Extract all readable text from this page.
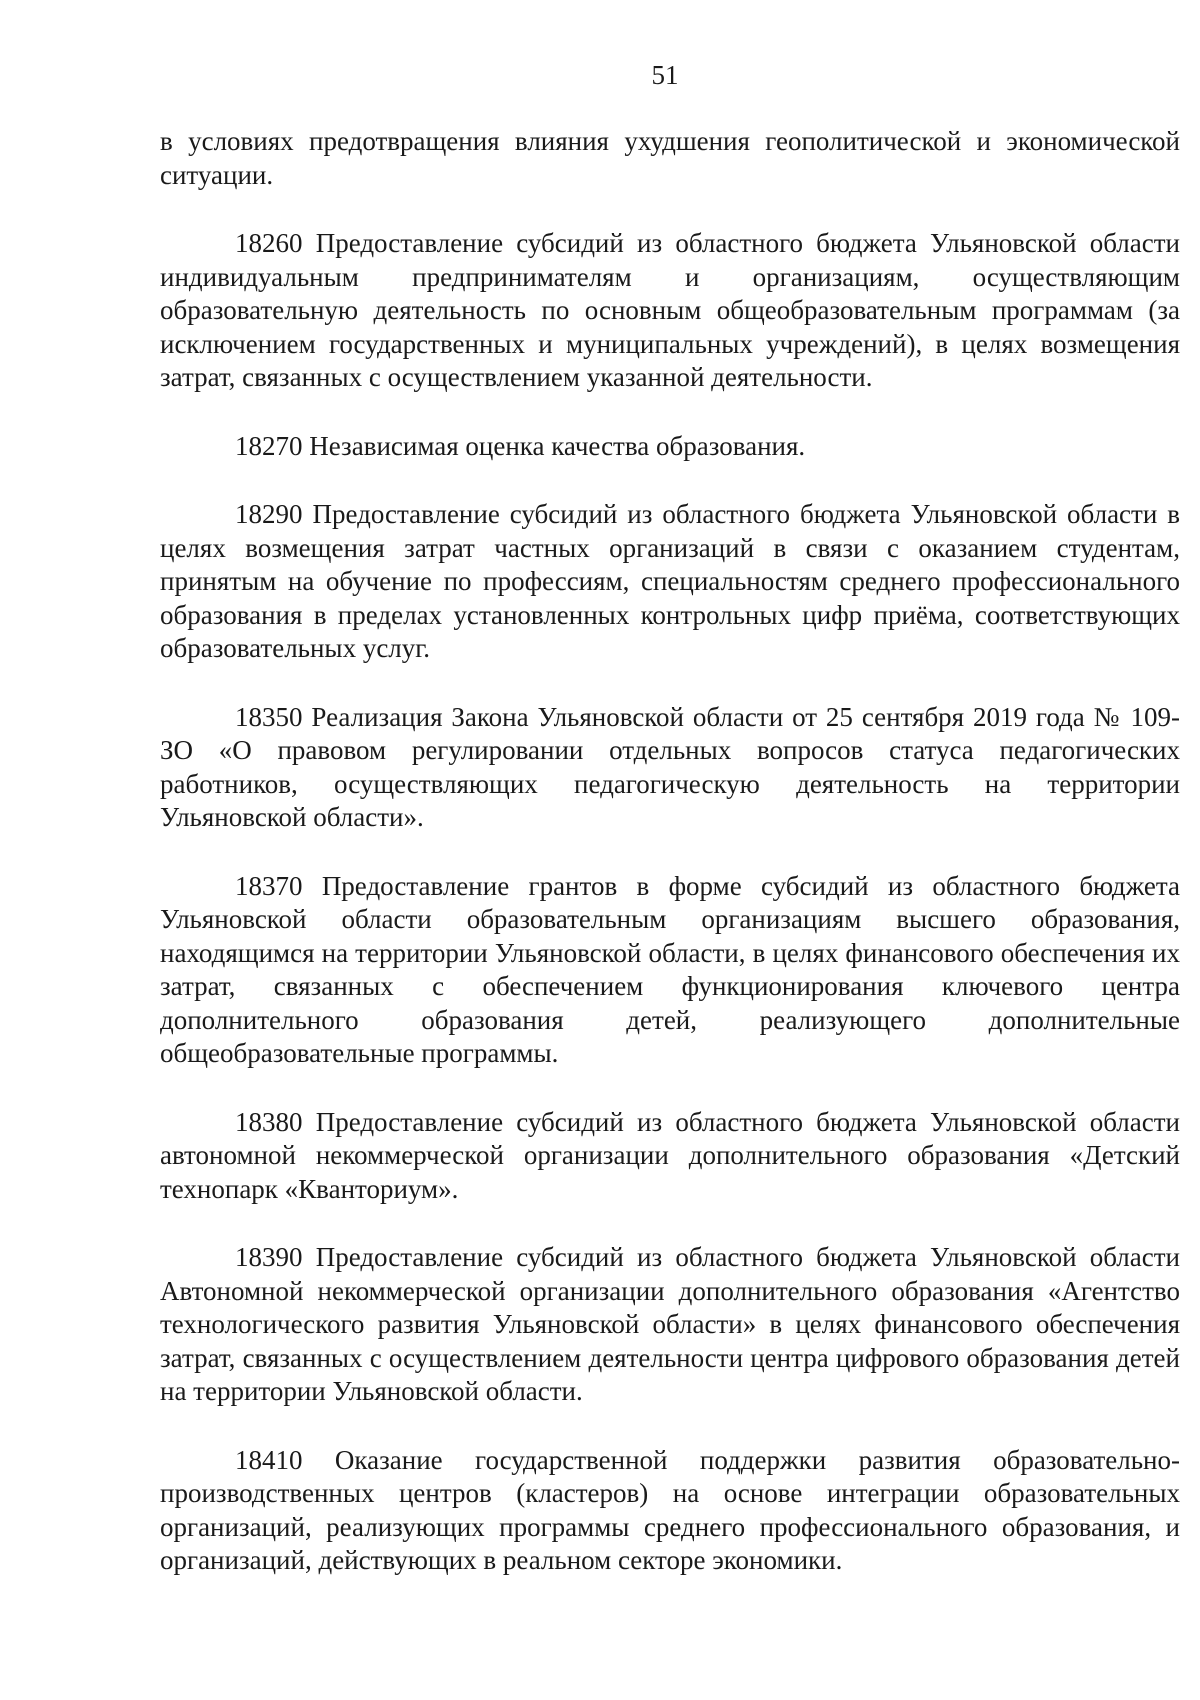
51

в условиях предотвращения влияния ухудшения геополитической и экономической ситуации.

18260 Предоставление субсидий из областного бюджета Ульяновской области индивидуальным предпринимателям и организациям, осуществляющим образовательную деятельность по основным общеобразовательным программам (за исключением государственных и муниципальных учреждений), в целях возмещения затрат, связанных с осуществлением указанной деятельности.

18270 Независимая оценка качества образования.

18290 Предоставление субсидий из областного бюджета Ульяновской области в целях возмещения затрат частных организаций в связи с оказанием студентам, принятым на обучение по профессиям, специальностям среднего профессионального образования в пределах установленных контрольных цифр приёма, соответствующих образовательных услуг.

18350 Реализация Закона Ульяновской области от 25 сентября 2019 года № 109-ЗО «О правовом регулировании отдельных вопросов статуса педагогических работников, осуществляющих педагогическую деятельность на территории Ульяновской области».

18370 Предоставление грантов в форме субсидий из областного бюджета Ульяновской области образовательным организациям высшего образования, находящимся на территории Ульяновской области, в целях финансового обеспечения их затрат, связанных с обеспечением функционирования ключевого центра дополнительного образования детей, реализующего дополнительные общеобразовательные программы.

18380 Предоставление субсидий из областного бюджета Ульяновской области автономной некоммерческой организации дополнительного образования «Детский технопарк «Кванториум».

18390 Предоставление субсидий из областного бюджета Ульяновской области Автономной некоммерческой организации дополнительного образования «Агентство технологического развития Ульяновской области» в целях финансового обеспечения затрат, связанных с осуществлением деятельности центра цифрового образования детей на территории Ульяновской области.

18410 Оказание государственной поддержки развития образовательно-производственных центров (кластеров) на основе интеграции образовательных организаций, реализующих программы среднего профессионального образования, и организаций, действующих в реальном секторе экономики.
